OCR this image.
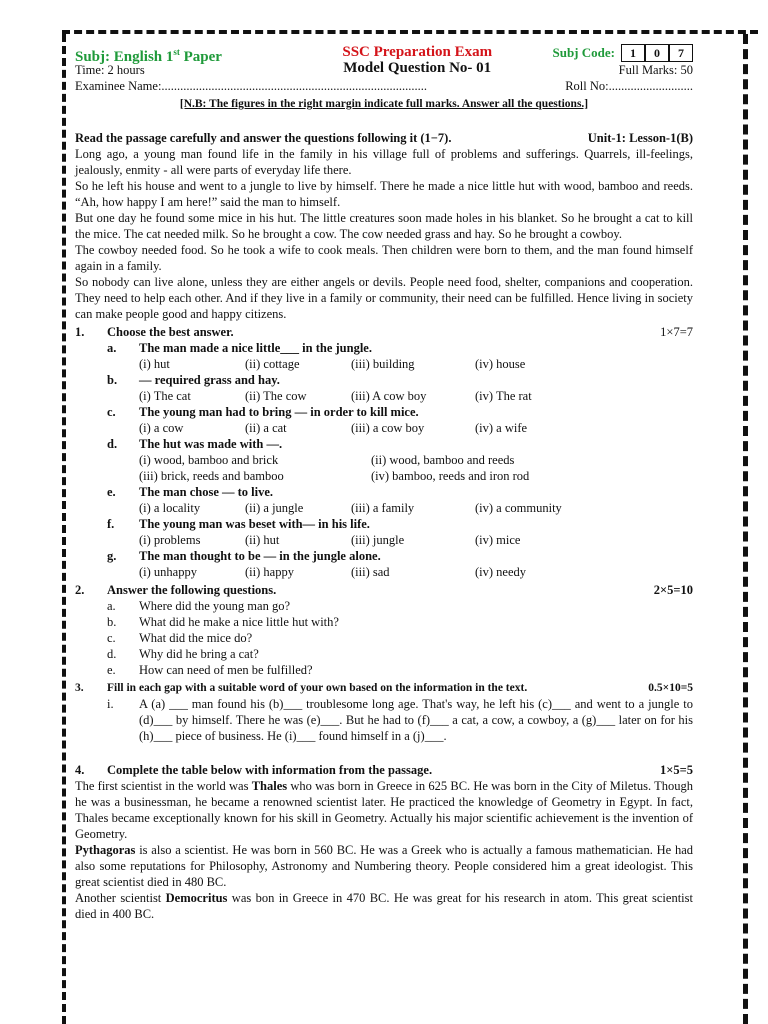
Subj: English 1st Paper	SSC Preparation Exam
Model Question No- 01
Subj Code:	1	0	7
Full Marks: 50
Time: 2 hours
Examinee Name:.....................................................................................	Roll No:...........................
[N.B: The figures in the right margin indicate full marks. Answer all the questions.]
Read the passage carefully and answer the questions following it (1−7).	Unit-1: Lesson-1(B)

Long ago, a young man found life in the family in his village full of problems and sufferings. Quarrels, ill-feelings, jealously, enmity - all were parts of everyday life there.

So he left his house and went to a jungle to live by himself. There he made a nice little hut with wood, bamboo and reeds. “Ah, how happy I am here!” said the man to himself.

But one day he found some mice in his hut. The little creatures soon made holes in his blanket. So he brought a cat to kill the mice. The cat needed milk. So he brought a cow. The cow needed grass and hay. So he brought a cowboy.

The cowboy needed food. So he took a wife to cook meals. Then children were born to them, and the man found himself again in a family.

So nobody can live alone, unless they are either angels or devils. People need food, shelter, companions and cooperation. They need to help each other. And if they live in a family or community, their need can be fulfilled. Hence living in society can make people good and happy citizens.

1. Choose the best answer.	1×7=7
a.	The man made a nice little___ in the jungle.
(i) hut	(ii) cottage	(iii) building	(iv) house
b.	— required grass and hay.
(i) The cat	(ii) The cow	(iii) A cow boy	(iv) The rat
c.	The young man had to bring — in order to kill mice.
(i) a cow	(ii) a cat	(iii) a cow boy	(iv) a wife
d.	The hut was made with —.
(i) wood, bamboo and brick	(ii) wood, bamboo and reeds
(iii) brick, reeds and bamboo	(iv) bamboo, reeds and iron rod
e.	The man chose — to live.
(i) a locality	(ii) a jungle	(iii) a family	(iv) a community
f.	The young man was beset with— in his life.
(i) problems	(ii) hut	(iii) jungle	(iv) mice
g.	The man thought to be — in the jungle alone.
(i) unhappy	(ii) happy	(iii) sad	(iv) needy
2. Answer the following questions.	2×5=10
a.	Where did the young man go?
b.	What did he make a nice little hut with?
c.	What did the mice do?
d.	Why did he bring a cat?
e.	How can need of men be fulfilled?
3. Fill in each gap with a suitable word of your own based on the information in the text.	0.5×10=5

i. A (a) ___ man found his (b)___ troublesome long age. That's way, he left his (c)___ and went to a jungle to (d)___ by himself. There he was (e)___. But he had to (f)___ a cat, a cow, a cowboy, a (g)___ later on for his (h)___ piece of business. He (i)___ found himself in a (j)___.

4. Complete the table below with information from the passage.	1×5=5

The first scientist in the world was Thales who was born in Greece in 625 BC. He was born in the City of Miletus. Though he was a businessman, he became a renowned scientist later. He practiced the knowledge of Geometry in Egypt. In fact, Thales became exceptionally known for his skill in Geometry. Actually his major scientific achievement is the invention of Geometry.

Pythagoras is also a scientist. He was born in 560 BC. He was a Greek who is actually a famous mathematician. He had also some reputations for Philosophy, Astronomy and Numbering theory. People considered him a great ideologist. This great scientist died in 480 BC.

Another scientist Democritus was bon in Greece in 470 BC. He was great for his research in atom. This great scientist died in 400 BC.
